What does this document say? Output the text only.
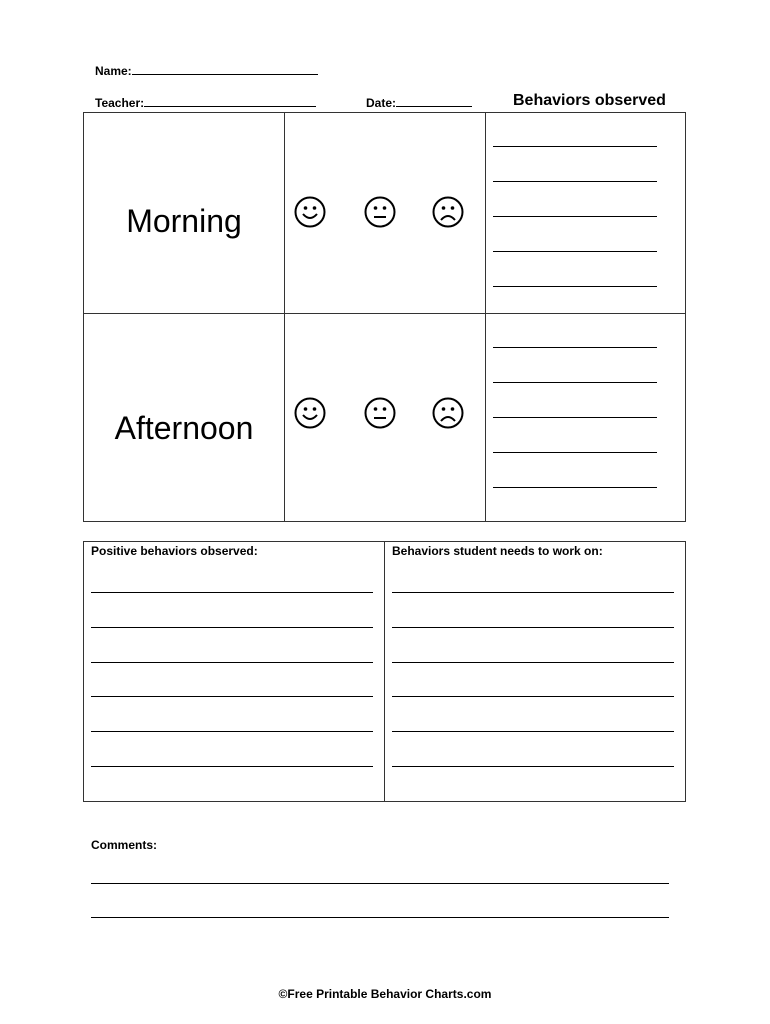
Name:
Teacher:	Date:	Behaviors observed
Morning
Afternoon
Positive behaviors observed:	Behaviors student needs to work on:
Comments:
©Free Printable Behavior Charts.com
